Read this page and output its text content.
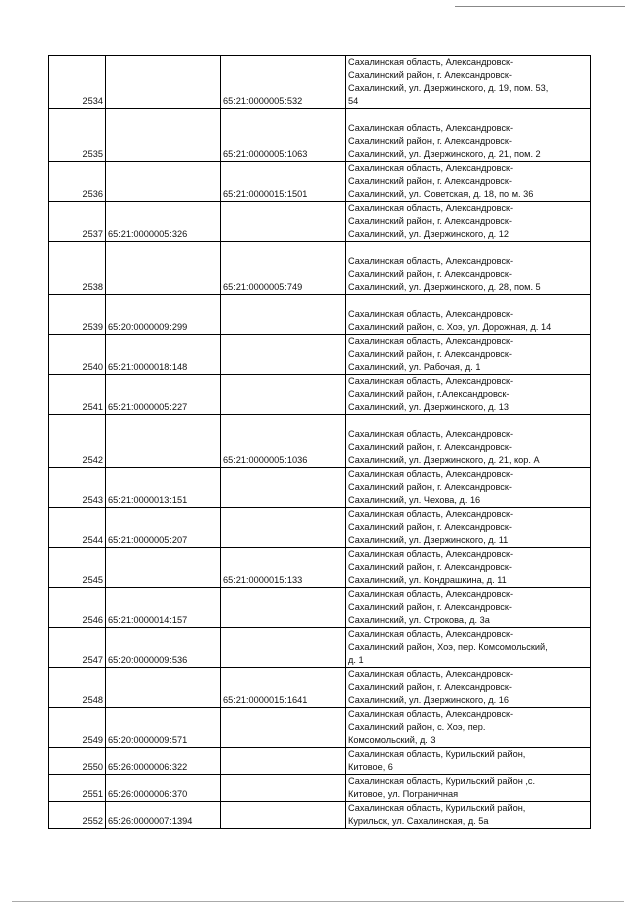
2534		65:21:0000005:532	Сахалинская область, Александровск-
Сахалинский район, г. Александровск-
Сахалинский, ул. Дзержинского, д. 19, пом. 53,
54

2535		65:21:0000005:1063	Сахалинская область, Александровск-
Сахалинский район, г. Александровск-
Сахалинский, ул. Дзержинского, д. 21, пом. 2

2536		65:21:0000015:1501	Сахалинская область, Александровск-
Сахалинский район, г. Александровск-
Сахалинский, ул. Советская, д. 18, по м. 36

2537	65:21:0000005:326		Сахалинская область, Александровск-
Сахалинский район, г. Александровск-
Сахалинский, ул. Дзержинского, д. 12

2538		65:21:0000005:749	Сахалинская область, Александровск-
Сахалинский район, г. Александровск-
Сахалинский, ул. Дзержинского, д. 28, пом. 5

2539	65:20:0000009:299		Сахалинская область, Александровск-
Сахалинский район, с. Хоэ, ул. Дорожная, д. 14

2540	65:21:0000018:148		Сахалинская область, Александровск-
Сахалинский район, г. Александровск-
Сахалинский, ул. Рабочая, д. 1

2541	65:21:0000005:227		Сахалинская область, Александровск-
Сахалинский район, г.Александровск-
Сахалинский, ул. Дзержинского, д. 13

2542		65:21:0000005:1036	Сахалинская область, Александровск-
Сахалинский район, г. Александровск-
Сахалинский, ул. Дзержинского, д. 21, кор. А

2543	65:21:0000013:151		Сахалинская область, Александровск-
Сахалинский район, г. Александровск-
Сахалинский, ул. Чехова, д. 16

2544	65:21:0000005:207		Сахалинская область, Александровск-
Сахалинский район, г. Александровск-
Сахалинский, ул. Дзержинского, д. 11

2545		65:21:0000015:133	Сахалинская область, Александровск-
Сахалинский район, г. Александровск-
Сахалинский, ул. Кондрашкина, д. 11

2546	65:21:0000014:157		Сахалинская область, Александровск-
Сахалинский район, г. Александровск-
Сахалинский, ул. Строкова, д. 3а

2547	65:20:0000009:536		Сахалинская область, Александровск-
Сахалинский район, Хоэ, пер. Комсомольский,
д. 1

2548		65:21:0000015:1641	Сахалинская область, Александровск-
Сахалинский район, г. Александровск-
Сахалинский, ул. Дзержинского, д. 16

2549	65:20:0000009:571		Сахалинская область, Александровск-
Сахалинский район, с. Хоэ, пер.
Комсомольский, д. 3

2550	65:26:0000006:322		Сахалинская область, Курильский район,
Китовое, 6

2551	65:26:0000006:370		Сахалинская область, Курильский район ,с.
Китовое, ул. Пограничная

2552	65:26:0000007:1394		Сахалинская область, Курильский район,
Курильск, ул. Сахалинская, д. 5а
